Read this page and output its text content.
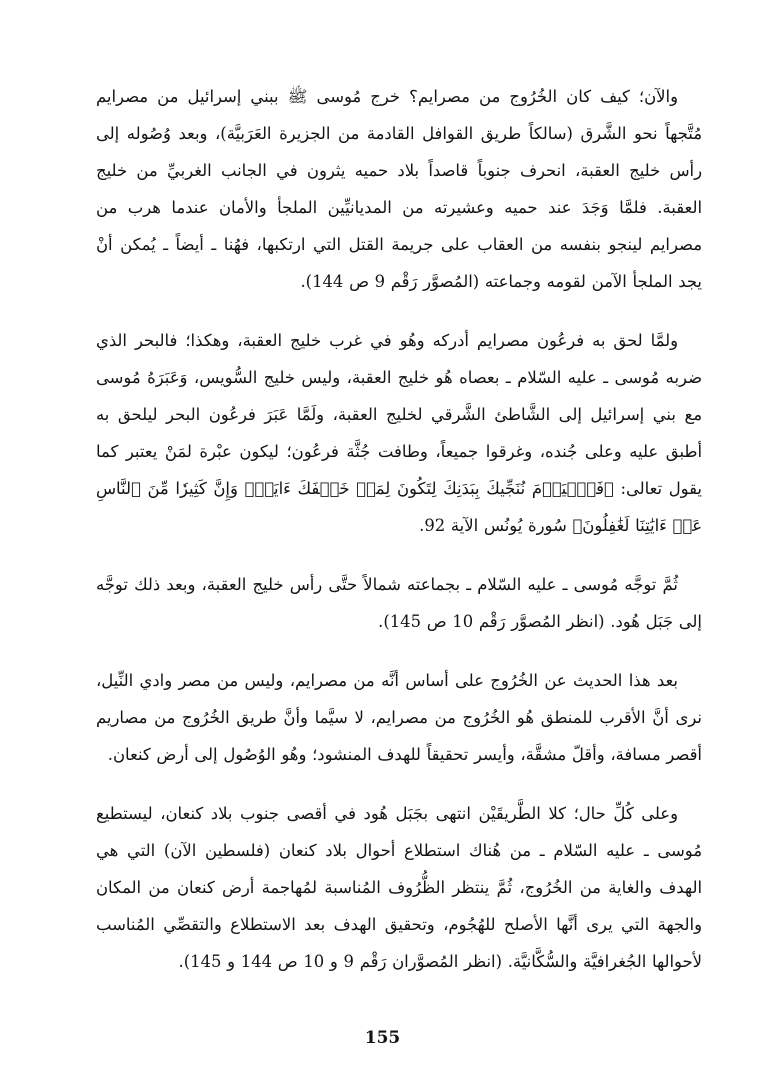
والآن؛ كيف كان الخُرُوج من مصرايم؟ خرج مُوسى ﷺ ببني إسرائيل من مصرايم مُتَّجهاً نحو الشَّرق (سالكاً طريق القوافل القادمة من الجزيرة العَرَبيَّة)، وبعد وُصُوله إلى رأس خليج العقبة، انحرف جنوباً قاصداً بلاد حميه يثرون في الجانب الغربيِّ من خليج العقبة. فلمَّا وَجَدَ عند حميه وعشيرته من المديانيِّين الملجأ والأمان عندما هرب من مصرايم لينجو بنفسه من العقاب على جريمة القتل التي ارتكبها، فهُنا ـ أيضاً ـ يُمكن أنْ يجد الملجأ الآمن لقومه وجماعته (المُصوَّر رَقْم 9 ص 144).

ولمَّا لحق به فرعُون مصرايم أدركه وهُو في غرب خليج العقبة، وهكذا؛ فالبحر الذي ضربه مُوسى ـ عليه السّلام ـ بعصاه هُو خليج العقبة، وليس خليج السُّويس، وَعَبَرَهُ مُوسى مع بني إسرائيل إلى الشَّاطئ الشَّرقي لخليج العقبة، ولَمَّا عَبَرَ فرعُون البحر ليلحق به أطبق عليه وعلى جُنده، وغرقوا جميعاً، وطافت جُثَّة فرعُون؛ ليكون عبْرة لمَنْ يعتبر كما يقول تعالى: ﴿فَٱلۡيَوۡمَ نُنَجِّيكَ بِبَدَنِكَ لِتَكُونَ لِمَنۡ خَلۡفَكَ ءَايَةٗۚ وَإِنَّ كَثِيرٗا مِّنَ ٱلنَّاسِ عَنۡ ءَايَٰتِنَا لَغَٰفِلُونَ﴾ سُورة يُونُس الآية 92.

ثُمَّ توجَّه مُوسى ـ عليه السّلام ـ بجماعته شمالاً حتَّى رأس خليج العقبة، وبعد ذلك توجَّه إلى جَبَل هُود. (انظر المُصوَّر رَقْم 10 ص 145).

بعد هذا الحديث عن الخُرُوج على أساس أنَّه من مصرايم، وليس من مصر وادي النِّيل، نرى أنَّ الأقرب للمنطق هُو الخُرُوج من مصرايم، لا سيَّما وأنَّ طريق الخُرُوج من مصاريم أقصر مسافة، وأقلّ مشقَّة، وأيسر تحقيقاً للهدف المنشود؛ وهُو الوُصُول إلى أرض كنعان.

وعلى كُلِّ حال؛ كلا الطَّريقَيْن انتهى بجَبَل هُود في أقصى جنوب بلاد كنعان، ليستطيع مُوسى ـ عليه السّلام ـ من هُناك استطلاع أحوال بلاد كنعان (فلسطين الآن) التي هي الهدف والغاية من الخُرُوج، ثُمَّ ينتظر الظُّرُوف المُناسبة لمُهاجمة أرض كنعان من المكان والجهة التي يرى أنَّها الأصلح للهُجُوم، وتحقيق الهدف بعد الاستطلاع والتقصِّي المُناسب لأحوالها الجُغرافيَّة والسُّكَّانيَّة. (انظر المُصوَّران رَقْم 9 و 10 ص 144 و 145).

155
